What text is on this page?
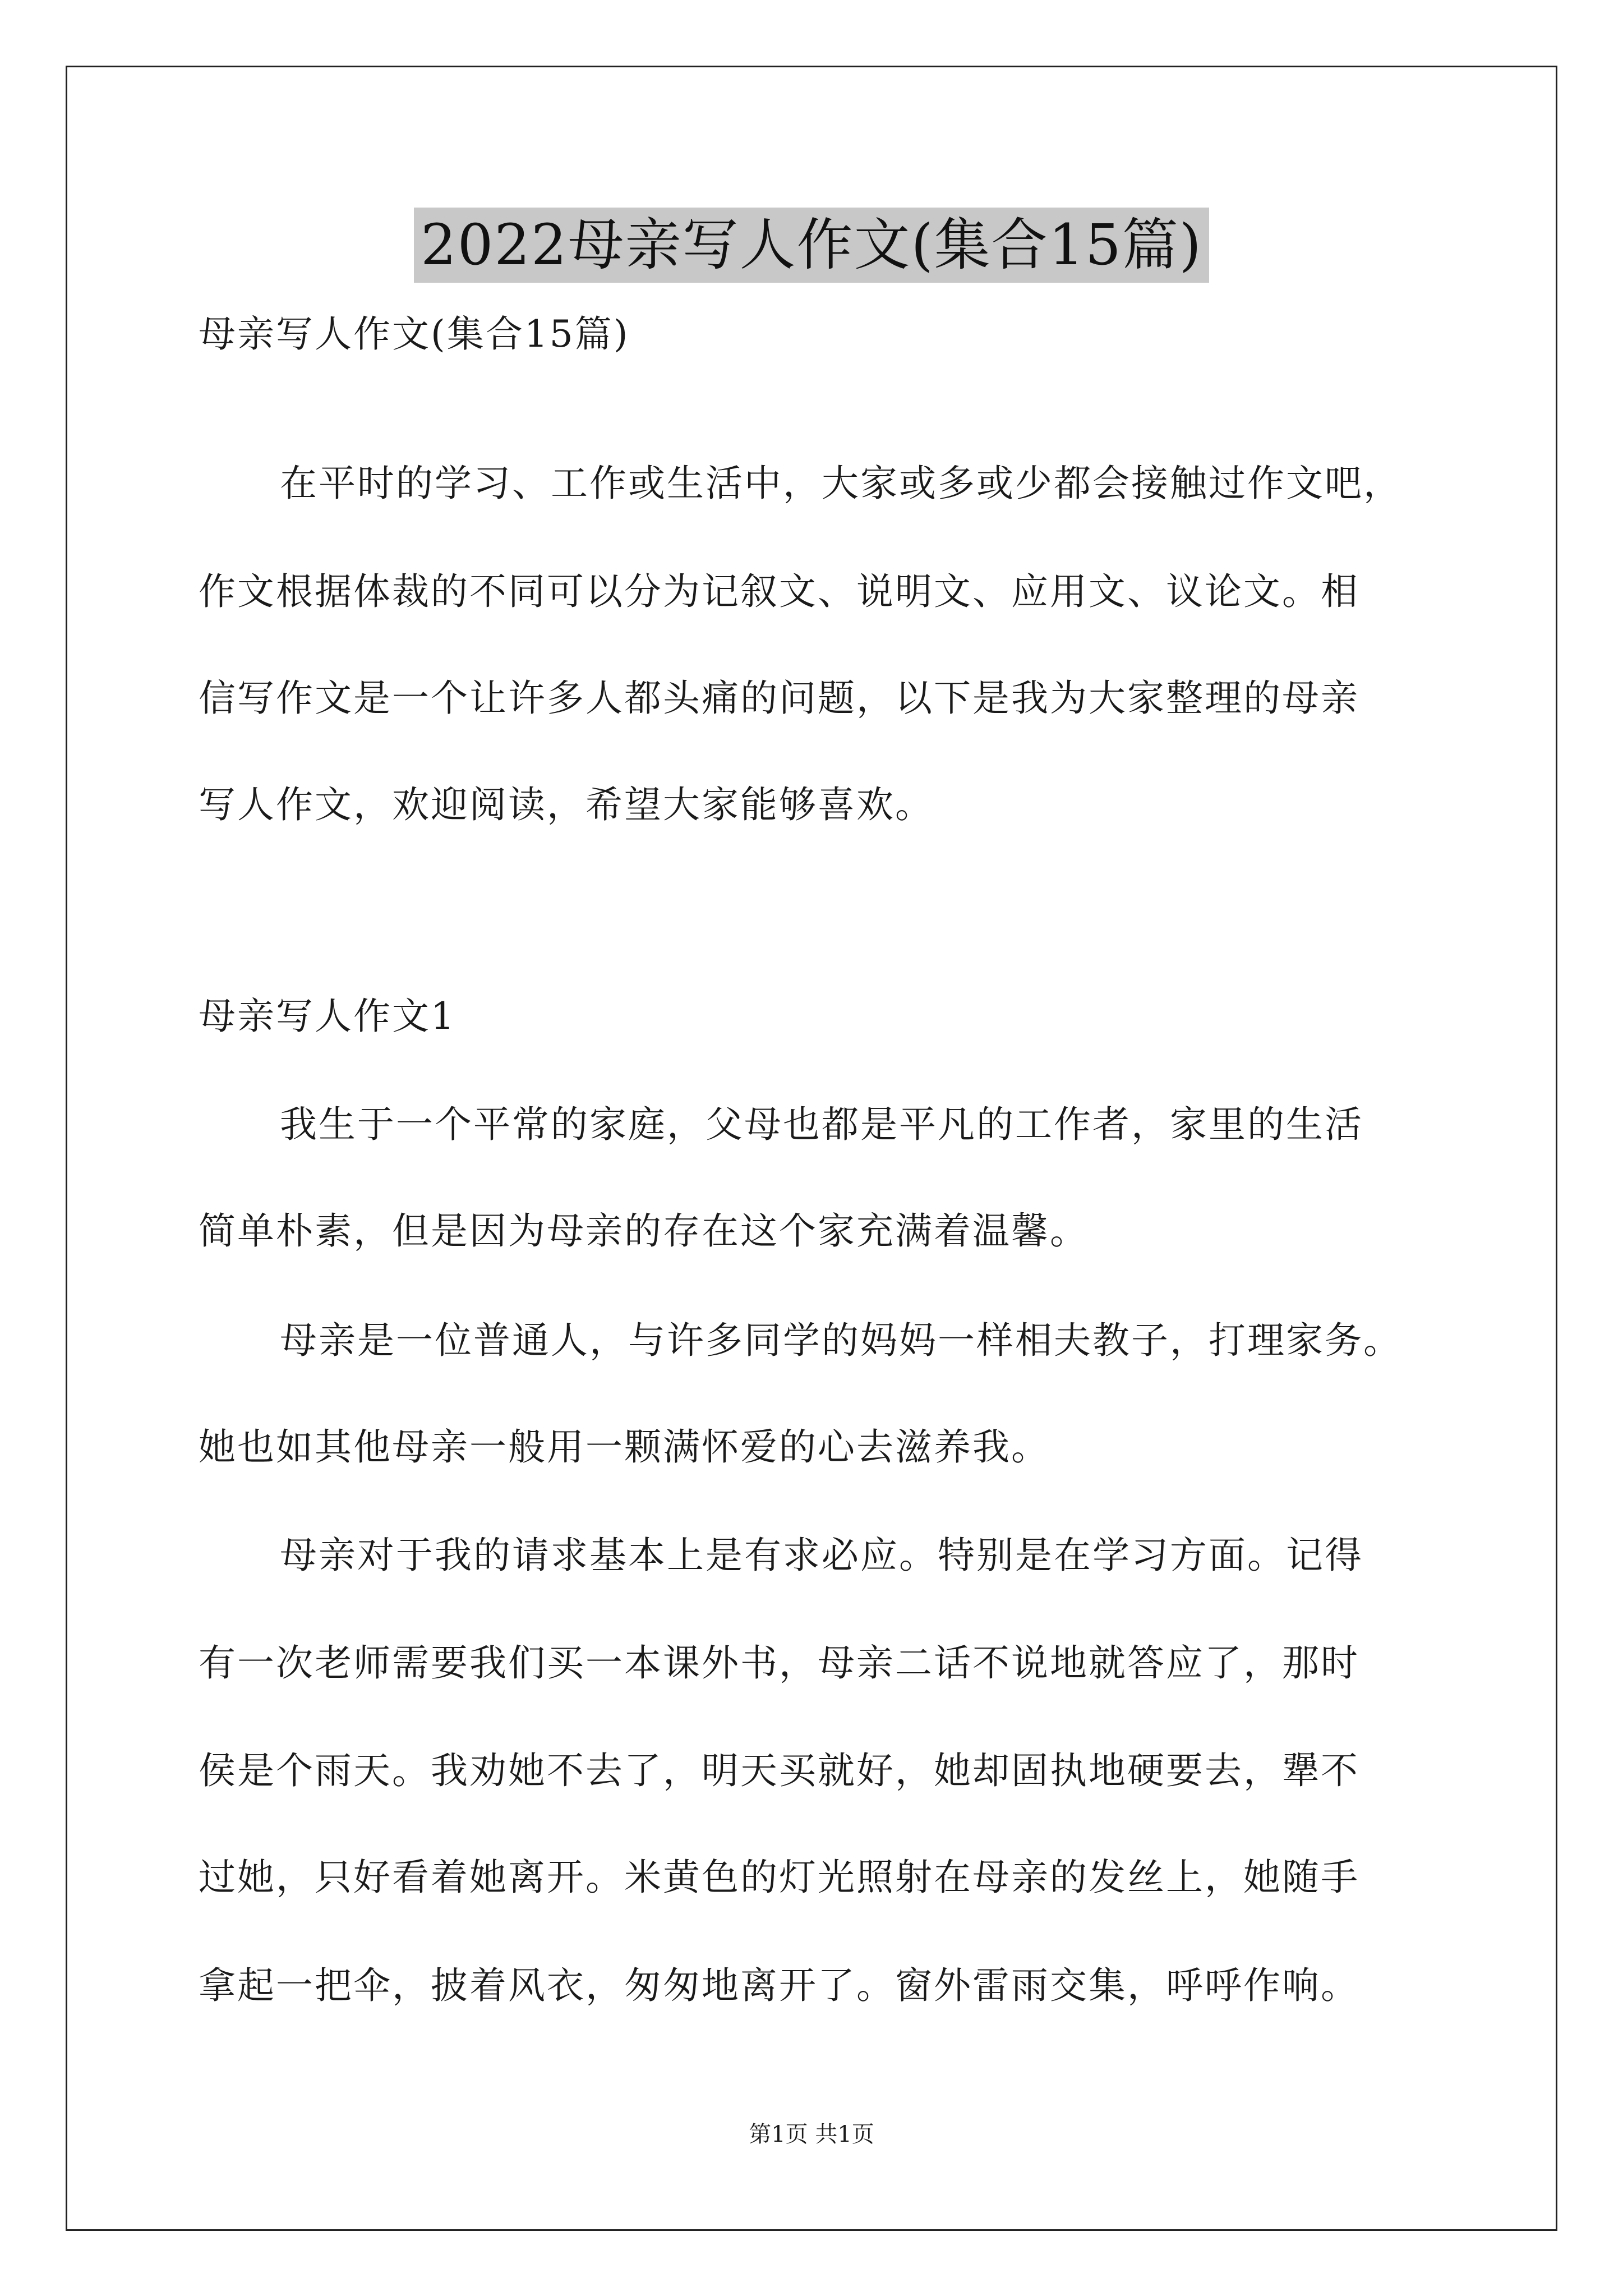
2022母亲写人作文(集合15篇)
母亲写人作文(集合15篇)
在平时的学习、工作或生活中，大家或多或少都会接触过作文吧，
作文根据体裁的不同可以分为记叙文、说明文、应用文、议论文。相
信写作文是一个让许多人都头痛的问题，以下是我为大家整理的母亲
写人作文，欢迎阅读，希望大家能够喜欢。
母亲写人作文1
我生于一个平常的家庭，父母也都是平凡的工作者，家里的生活
简单朴素，但是因为母亲的存在这个家充满着温馨。
母亲是一位普通人，与许多同学的妈妈一样相夫教子，打理家务。
她也如其他母亲一般用一颗满怀爱的心去滋养我。
母亲对于我的请求基本上是有求必应。特别是在学习方面。记得
有一次老师需要我们买一本课外书，母亲二话不说地就答应了，那时
侯是个雨天。我劝她不去了，明天买就好，她却固执地硬要去，犟不
过她，只好看着她离开。米黄色的灯光照射在母亲的发丝上，她随手
拿起一把伞，披着风衣，匆匆地离开了。窗外雷雨交集，呼呼作响。
第1页 共1页
